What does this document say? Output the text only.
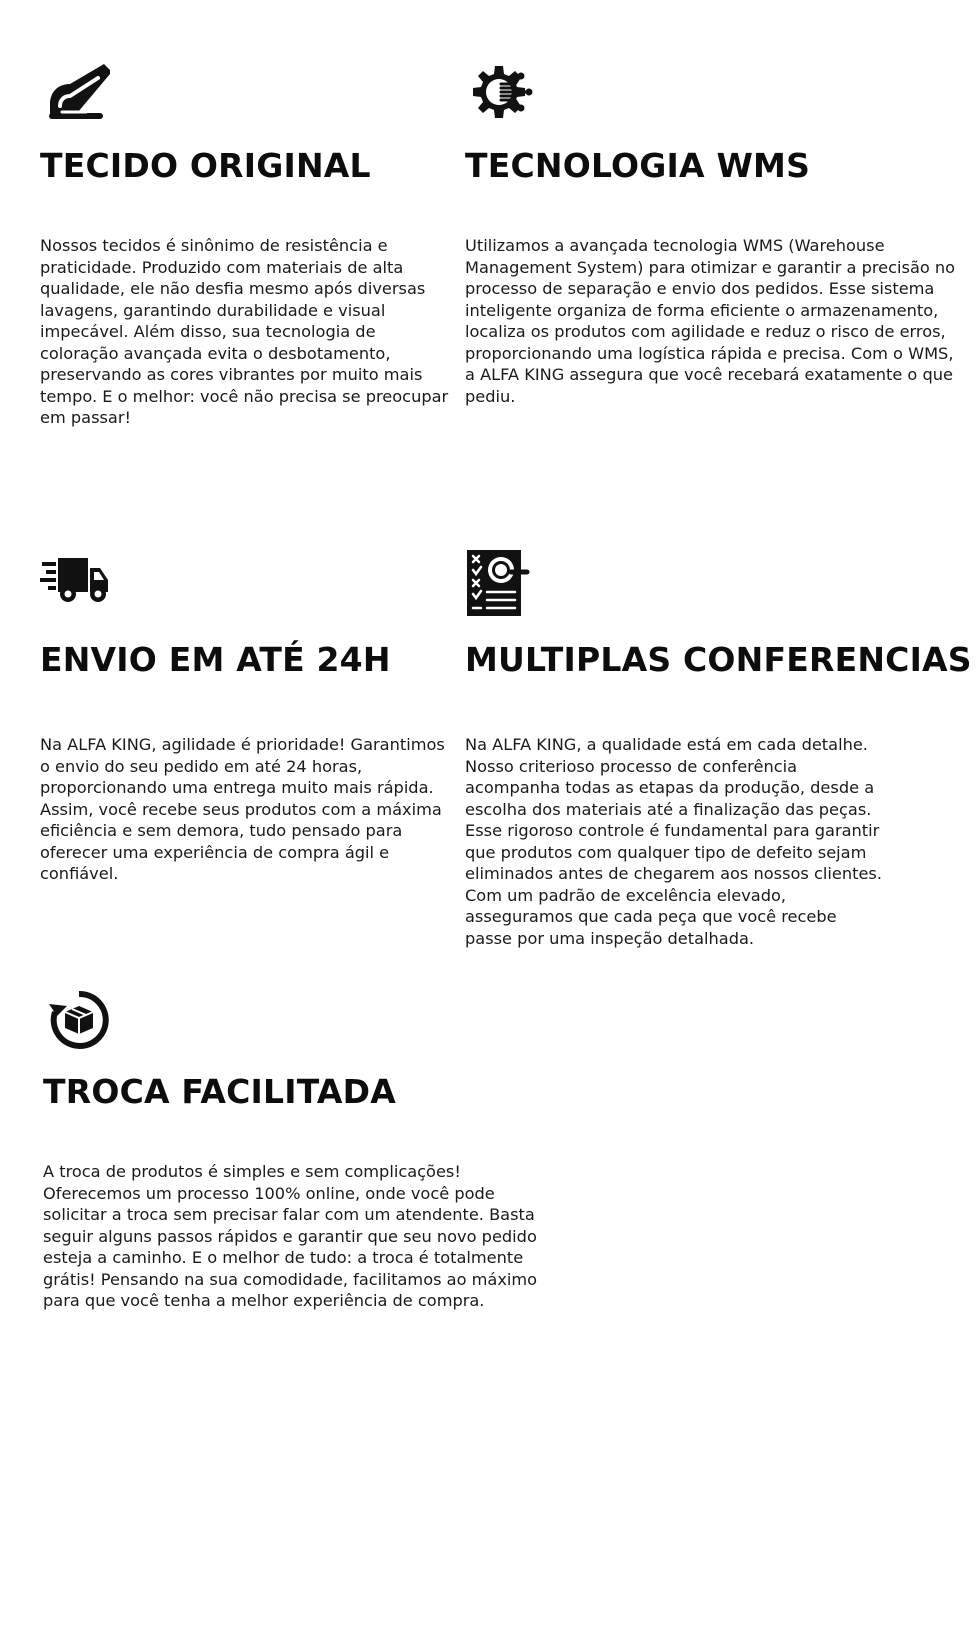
TECIDO ORIGINAL

Nossos tecidos é sinônimo de resistência e praticidade. Produzido com materiais de alta qualidade, ele não desfia mesmo após diversas lavagens, garantindo durabilidade e visual impecável. Além disso, sua tecnologia de coloração avançada evita o desbotamento, preservando as cores vibrantes por muito mais tempo. E o melhor: você não precisa se preocupar em passar!

TECNOLOGIA WMS

Utilizamos a avançada tecnologia WMS (Warehouse Management System) para otimizar e garantir a precisão no processo de separação e envio dos pedidos. Esse sistema inteligente organiza de forma eficiente o armazenamento, localiza os produtos com agilidade e reduz o risco de erros, proporcionando uma logística rápida e precisa. Com o WMS, a ALFA KING assegura que você recebará exatamente o que pediu.

ENVIO EM ATÉ 24H

Na ALFA KING, agilidade é prioridade! Garantimos o envio do seu pedido em até 24 horas, proporcionando uma entrega muito mais rápida. Assim, você recebe seus produtos com a máxima eficiência e sem demora, tudo pensado para oferecer uma experiência de compra ágil e confiável.

MULTIPLAS CONFERENCIAS

Na ALFA KING, a qualidade está em cada detalhe. Nosso criterioso processo de conferência acompanha todas as etapas da produção, desde a escolha dos materiais até a finalização das peças. Esse rigoroso controle é fundamental para garantir que produtos com qualquer tipo de defeito sejam eliminados antes de chegarem aos nossos clientes. Com um padrão de excelência elevado, asseguramos que cada peça que você recebe passe por uma inspeção detalhada.

TROCA FACILITADA

A troca de produtos é simples e sem complicações! Oferecemos um processo 100% online, onde você pode solicitar a troca sem precisar falar com um atendente. Basta seguir alguns passos rápidos e garantir que seu novo pedido esteja a caminho. E o melhor de tudo: a troca é totalmente grátis! Pensando na sua comodidade, facilitamos ao máximo para que você tenha a melhor experiência de compra.
